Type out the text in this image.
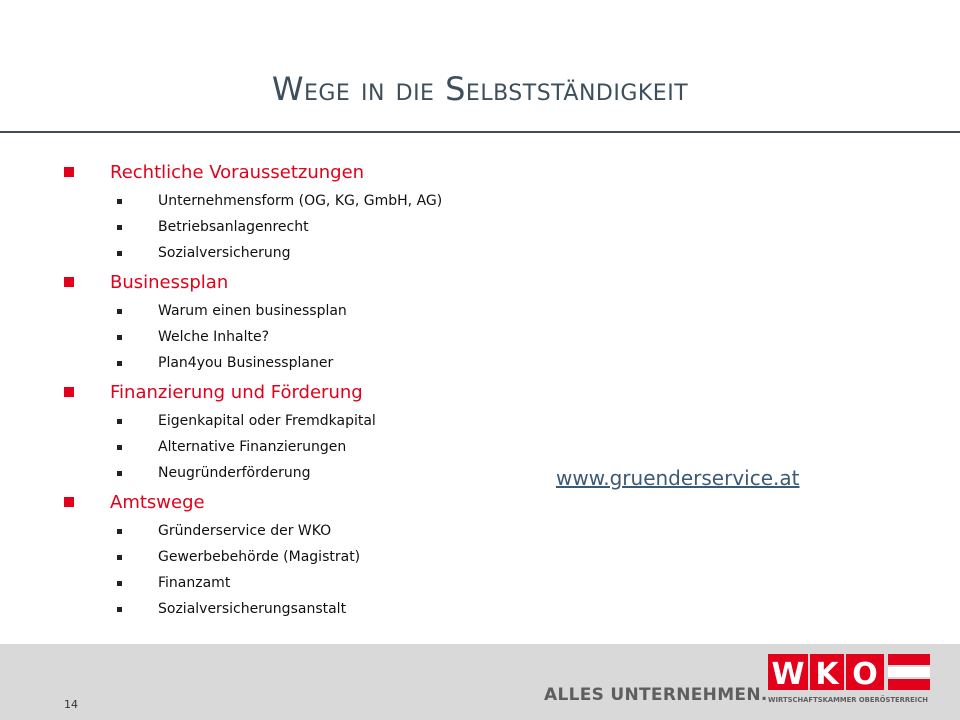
Wege in die Selbstständigkeit
Rechtliche Voraussetzungen
Unternehmensform (OG, KG, GmbH, AG)
Betriebsanlagenrecht
Sozialversicherung
Businessplan
Warum einen businessplan
Welche Inhalte?
Plan4you Businessplaner
Finanzierung und Förderung
Eigenkapital oder Fremdkapital
Alternative Finanzierungen
Neugründerförderung
Amtswege
Gründerservice der WKO
Gewerbebehörde (Magistrat)
Finanzamt
Sozialversicherungsanstalt
www.gruenderservice.at
14	ALLES UNTERNEHMEN.
W K O
WIRTSCHAFTSKAMMER OBERÖSTERREICH
